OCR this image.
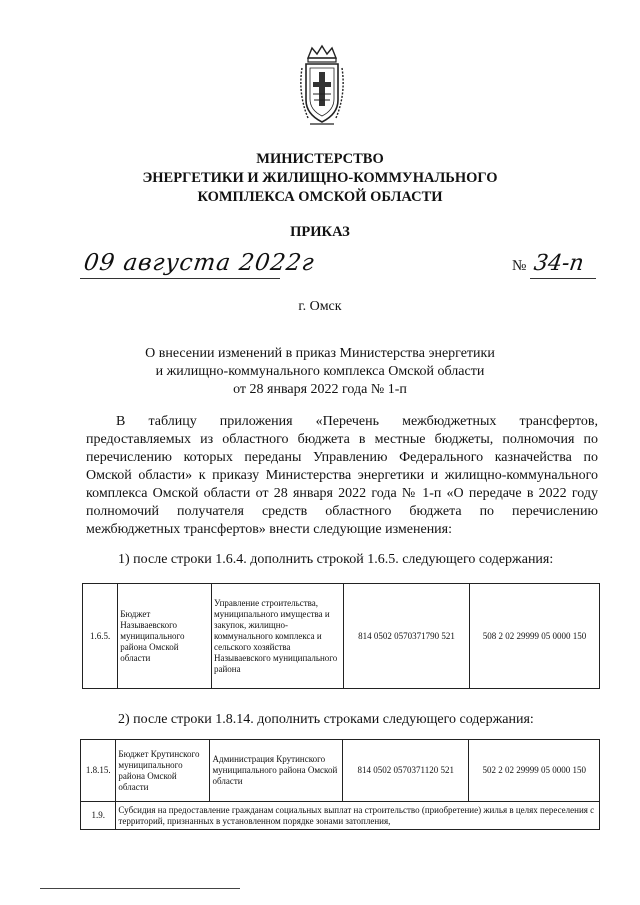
МИНИСТЕРСТВО
ЭНЕРГЕТИКИ И ЖИЛИЩНО-КОММУНАЛЬНОГО
КОМПЛЕКСА ОМСКОЙ ОБЛАСТИ
ПРИКАЗ
09 августа 2022г	№ 34-п
г. Омск
О внесении изменений в приказ Министерства энергетики
и жилищно-коммунального комплекса Омской области
от 28 января 2022 года № 1-п
В таблицу приложения «Перечень межбюджетных трансфертов, предоставляемых из областного бюджета в местные бюджеты, полномочия по перечислению которых переданы Управлению Федерального казначейства по Омской области» к приказу Министерства энергетики и жилищно-коммунального комплекса Омской области от 28 января 2022 года № 1-п «О передаче в 2022 году полномочий получателя средств областного бюджета по перечислению межбюджетных трансфертов» внести следующие изменения:
1) после строки 1.6.4. дополнить строкой 1.6.5. следующего содержания:
1.6.5.	Бюджет Называевского муниципального района Омской области	Управление строительства, муниципального имущества и закупок, жилищно-коммунального комплекса и сельского хозяйства Называевского муниципального района	814 0502 0570371790 521	508 2 02 29999 05 0000 150
2) после строки 1.8.14. дополнить строками следующего содержания:
1.8.15.	Бюджет Крутинского муниципального района Омской области	Администрация Крутинского муниципального района Омской области	814 0502 0570371120 521	502 2 02 29999 05 0000 150
1.9.	Субсидия на предоставление гражданам социальных выплат на строительство (приобретение) жилья в целях переселения с территорий, признанных в установленном порядке зонами затопления,			
